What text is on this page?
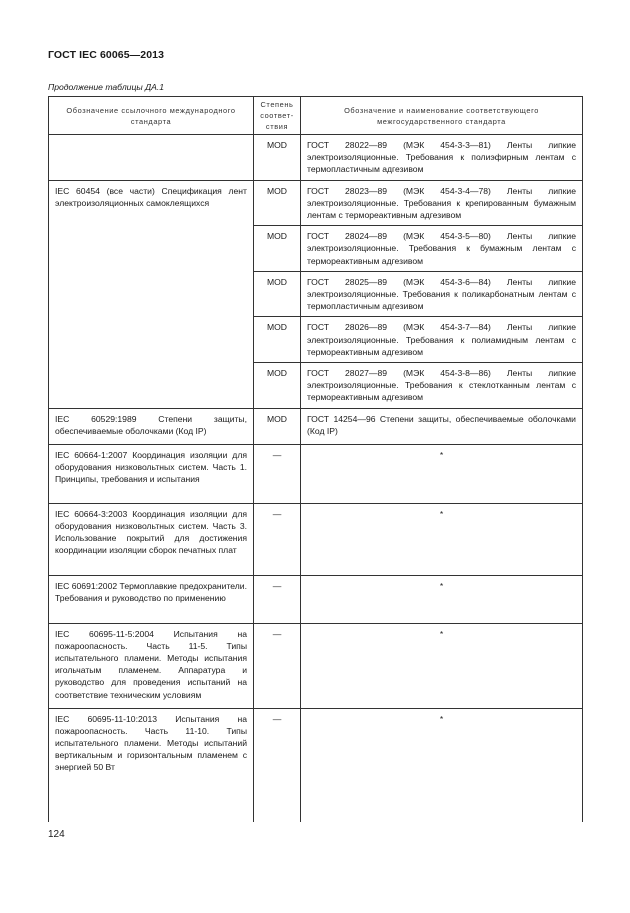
ГОСТ IEC 60065—2013
Продолжение таблицы ДА.1
Обозначение ссылочного международного стандарта	Степень соответ-ствия	Обозначение и наименование соответствующего межгосударственного стандарта
	MOD	ГОСТ 28022—89 (МЭК 454-3-3—81) Ленты липкие электроизоляционные. Требования к полиэфирным лентам с термопластичным адгезивом
IEC 60454 (все части) Спецификация лент электроизоляционных самоклеящихся	MOD	ГОСТ 28023—89 (МЭК 454-3-4—78) Ленты липкие электроизоляционные. Требования к крепированным бумажным лентам с термореактивным адгезивом
	MOD	ГОСТ 28024—89 (МЭК 454-3-5—80) Ленты липкие электроизоляционные. Требования к бумажным лентам с термореактивным адгезивом
	MOD	ГОСТ 28025—89 (МЭК 454-3-6—84) Ленты липкие электроизоляционные. Требования к поликарбонатным лентам с термопластичным адгезивом
	MOD	ГОСТ 28026—89 (МЭК 454-3-7—84) Ленты липкие электроизоляционные. Требования к полиамидным лентам с термореактивным адгезивом
	MOD	ГОСТ 28027—89 (МЭК 454-3-8—86) Ленты липкие электроизоляционные. Требования к стеклотканным лентам с термореактивным адгезивом
IEC 60529:1989 Степени защиты, обеспечиваемые оболочками (Код IP)	MOD	ГОСТ 14254—96 Степени защиты, обеспечиваемые оболочками (Код IP)
IEC 60664-1:2007 Координация изоляции для оборудования низковольтных систем. Часть 1. Принципы, требования и испытания	—	*
IEC 60664-3:2003 Координация изоляции для оборудования низковольтных систем. Часть 3. Использование покрытий для достижения координации изоляции сборок печатных плат	—	*
IEC 60691:2002 Термоплавкие предохранители. Требования и руководство по применению	—	*
IEC 60695-11-5:2004 Испытания на пожароопасность. Часть 11-5. Типы испытательного пламени. Методы испытания игольчатым пламенем. Аппаратура и руководство для проведения испытаний на соответствие техническим условиям	—	*
IEC 60695-11-10:2013 Испытания на пожароопасность. Часть 11-10. Типы испытательного пламени. Методы испытаний вертикальным и горизонтальным пламенем с энергией 50 Вт	—	*
124
